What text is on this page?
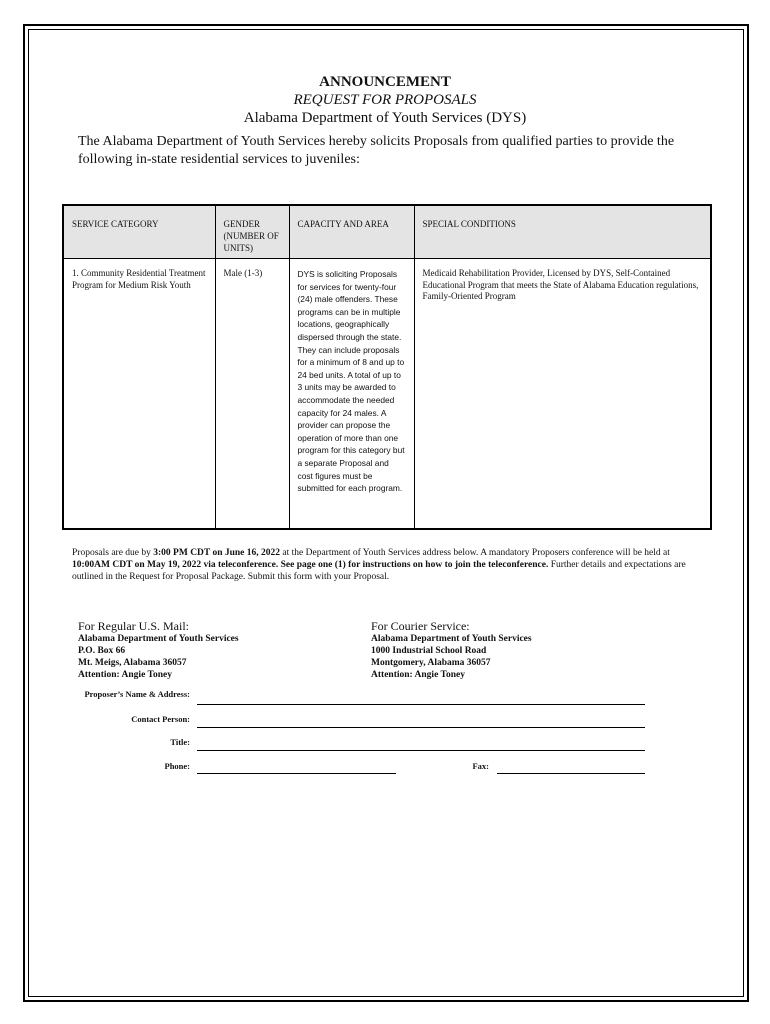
ANNOUNCEMENT
REQUEST FOR PROPOSALS
Alabama Department of Youth Services (DYS)
The Alabama Department of Youth Services hereby solicits Proposals from qualified parties to provide the following in-state residential services to juveniles:
SERVICE CATEGORY	GENDER (NUMBER OF UNITS)	CAPACITY AND AREA	SPECIAL CONDITIONS
1. Community Residential Treatment Program for Medium Risk Youth	Male (1-3)	DYS is soliciting Proposals for services for twenty-four (24) male offenders. These programs can be in multiple locations, geographically dispersed through the state. They can include proposals for a minimum of 8 and up to 24 bed units. A total of up to 3 units may be awarded to accommodate the needed capacity for 24 males. A provider can propose the operation of more than one program for this category but a separate Proposal and cost figures must be submitted for each program.	Medicaid Rehabilitation Provider, Licensed by DYS, Self-Contained Educational Program that meets the State of Alabama Education regulations, Family-Oriented Program
Proposals are due by 3:00 PM CDT on June 16, 2022 at the Department of Youth Services address below. A mandatory Proposers conference will be held at 10:00AM CDT on May 19, 2022 via teleconference. See page one (1) for instructions on how to join the teleconference. Further details and expectations are outlined in the Request for Proposal Package. Submit this form with your Proposal.
For Regular U.S. Mail:
Alabama Department of Youth Services
P.O. Box 66
Mt. Meigs, Alabama 36057
Attention: Angie Toney
For Courier Service:
Alabama Department of Youth Services
1000 Industrial School Road
Montgomery, Alabama 36057
Attention: Angie Toney
Proposer’s Name & Address:
Contact Person:
Title:
Phone:	Fax:
